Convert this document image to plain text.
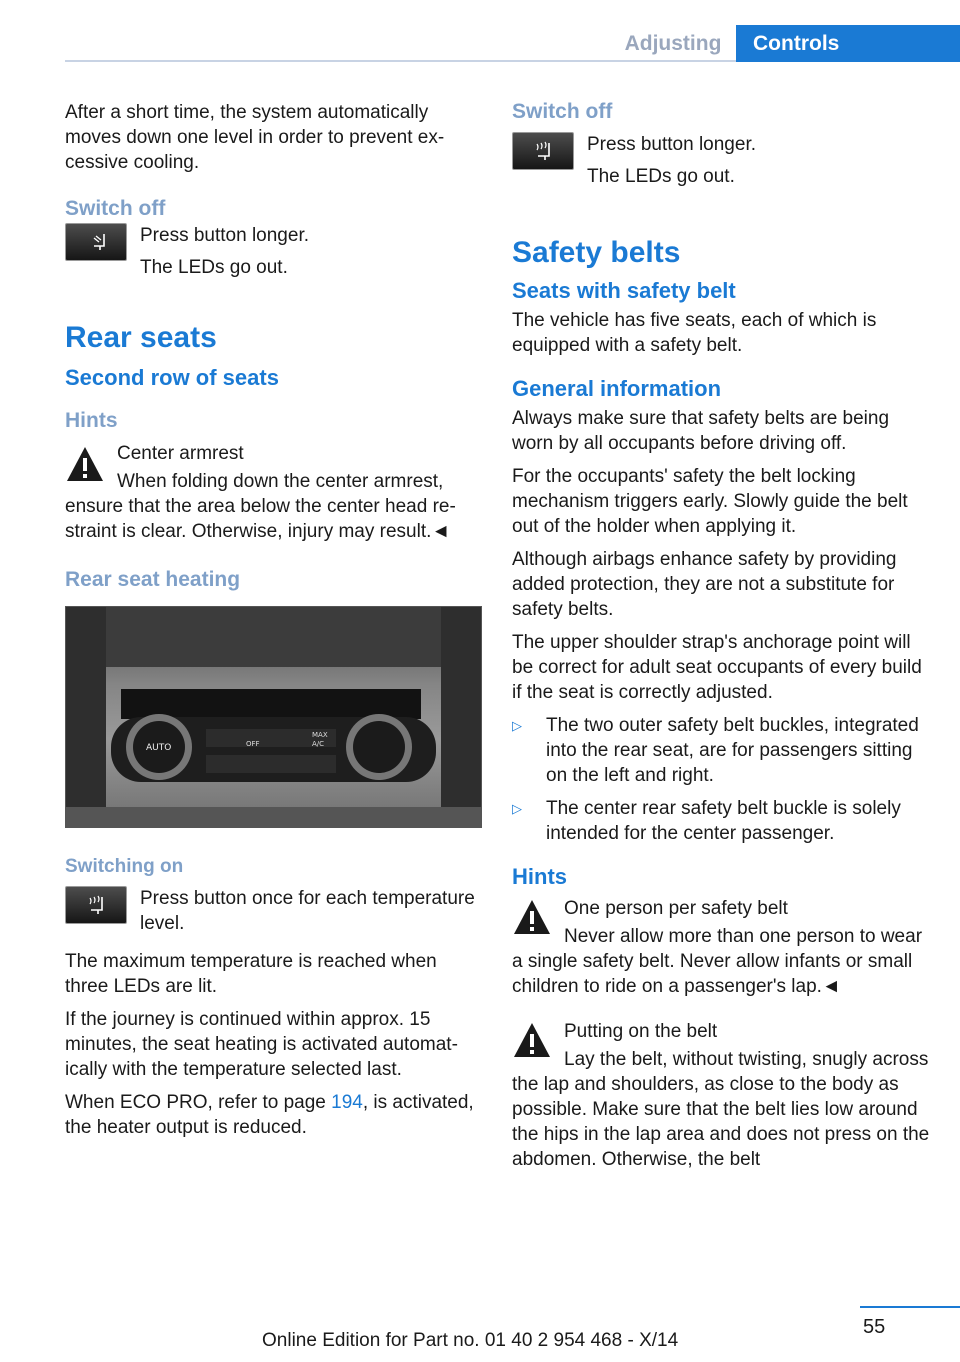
Adjusting	Controls

After a short time, the system automatically moves down one level in order to prevent excessive cooling.

Switch off

Press button longer.

The LEDs go out.

Rear seats
Second row of seats
Hints

Center armrest

When folding down the center armrest, ensure that the area below the center head restraint is clear. Otherwise, injury may result.◄

Rear seat heating
AUTO	OFF
MAX
A/C
Switching on

Press button once for each temperature level.

The maximum temperature is reached when three LEDs are lit.

If the journey is continued within approx. 15 minutes, the seat heating is activated automatically with the temperature selected last.

When ECO PRO, refer to page 194, is activated, the heater output is reduced.

Switch off

Press button longer.

The LEDs go out.

Safety belts
Seats with safety belt

The vehicle has five seats, each of which is equipped with a safety belt.

General information

Always make sure that safety belts are being worn by all occupants before driving off.

For the occupants' safety the belt locking mechanism triggers early. Slowly guide the belt out of the holder when applying it.

Although airbags enhance safety by providing added protection, they are not a substitute for safety belts.

The upper shoulder strap's anchorage point will be correct for adult seat occupants of every build if the seat is correctly adjusted.

▷	The two outer safety belt buckles, integrated into the rear seat, are for passengers sitting on the left and right.
▷	The center rear safety belt buckle is solely intended for the center passenger.
Hints

One person per safety belt

Never allow more than one person to wear a single safety belt. Never allow infants or small children to ride on a passenger's lap.◄

Putting on the belt

Lay the belt, without twisting, snugly across the lap and shoulders, as close to the body as possible. Make sure that the belt lies low around the hips in the lap area and does not press on the abdomen. Otherwise, the belt

55
Online Edition for Part no. 01 40 2 954 468 - X/14
